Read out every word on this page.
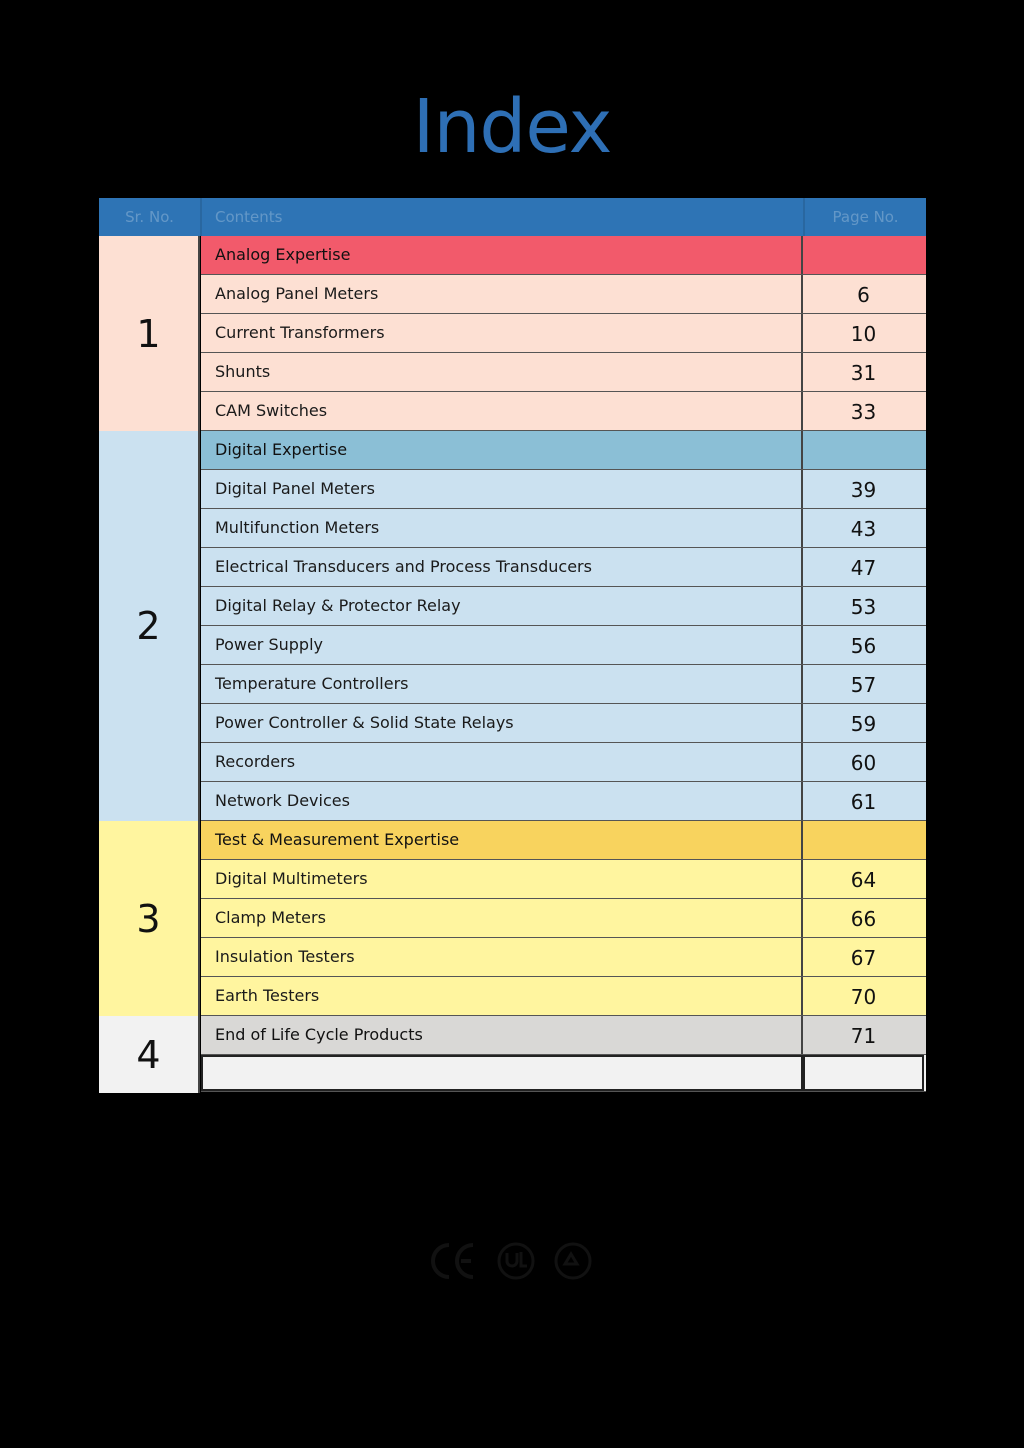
Index
Sr. No.	Contents	Page No.
1
Analog Expertise
Analog Panel Meters	6
Current Transformers	10
Shunts	31
CAM Switches	33
2
Digital Expertise
Digital Panel Meters	39
Multifunction Meters	43
Electrical Transducers and Process Transducers	47
Digital Relay & Protector Relay	53
Power Supply	56
Temperature Controllers	57
Power Controller & Solid State Relays	59
Recorders	60
Network Devices	61
3
Test & Measurement Expertise
Digital Multimeters	64
Clamp Meters	66
Insulation Testers	67
Earth Testers	70
4	End of Life Cycle Products	71
